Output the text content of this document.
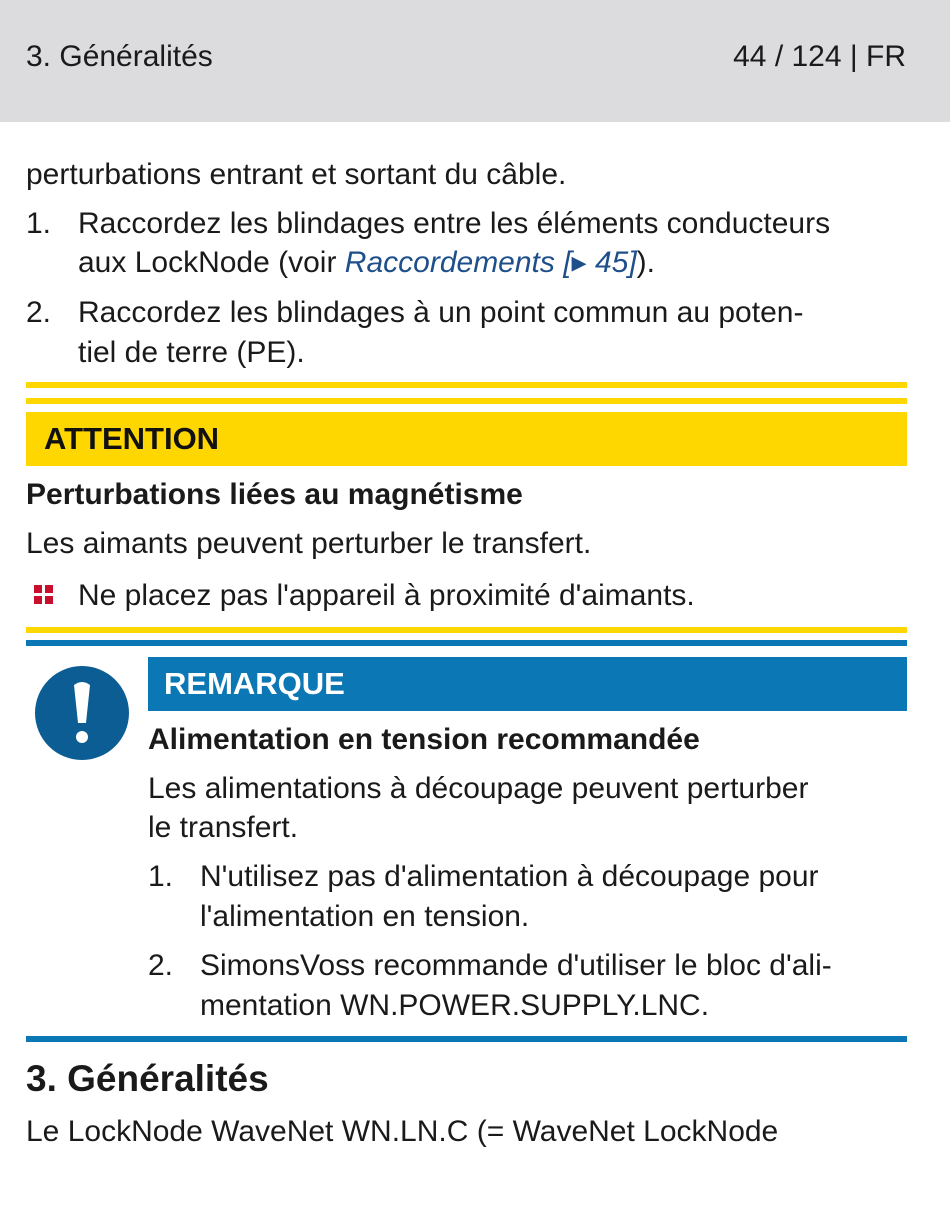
3. Généralités	44 / 124 | FR
perturbations entrant et sortant du câble.
1. Raccordez les blindages entre les éléments conducteurs
aux LockNode (voir Raccordements [▸ 45]).
2. Raccordez les blindages à un point commun au poten-
tiel de terre (PE).
ATTENTION
Perturbations liées au magnétisme
Les aimants peuvent perturber le transfert.
Ne placez pas l'appareil à proximité d'aimants.
REMARQUE
Alimentation en tension recommandée
Les alimentations à découpage peuvent perturber
le transfert.
1. N'utilisez pas d'alimentation à découpage pour
l'alimentation en tension.
2. SimonsVoss recommande d'utiliser le bloc d'ali-
mentation WN.POWER.SUPPLY.LNC.
3. Généralités
Le LockNode WaveNet WN.LN.C (= WaveNet LockNode
